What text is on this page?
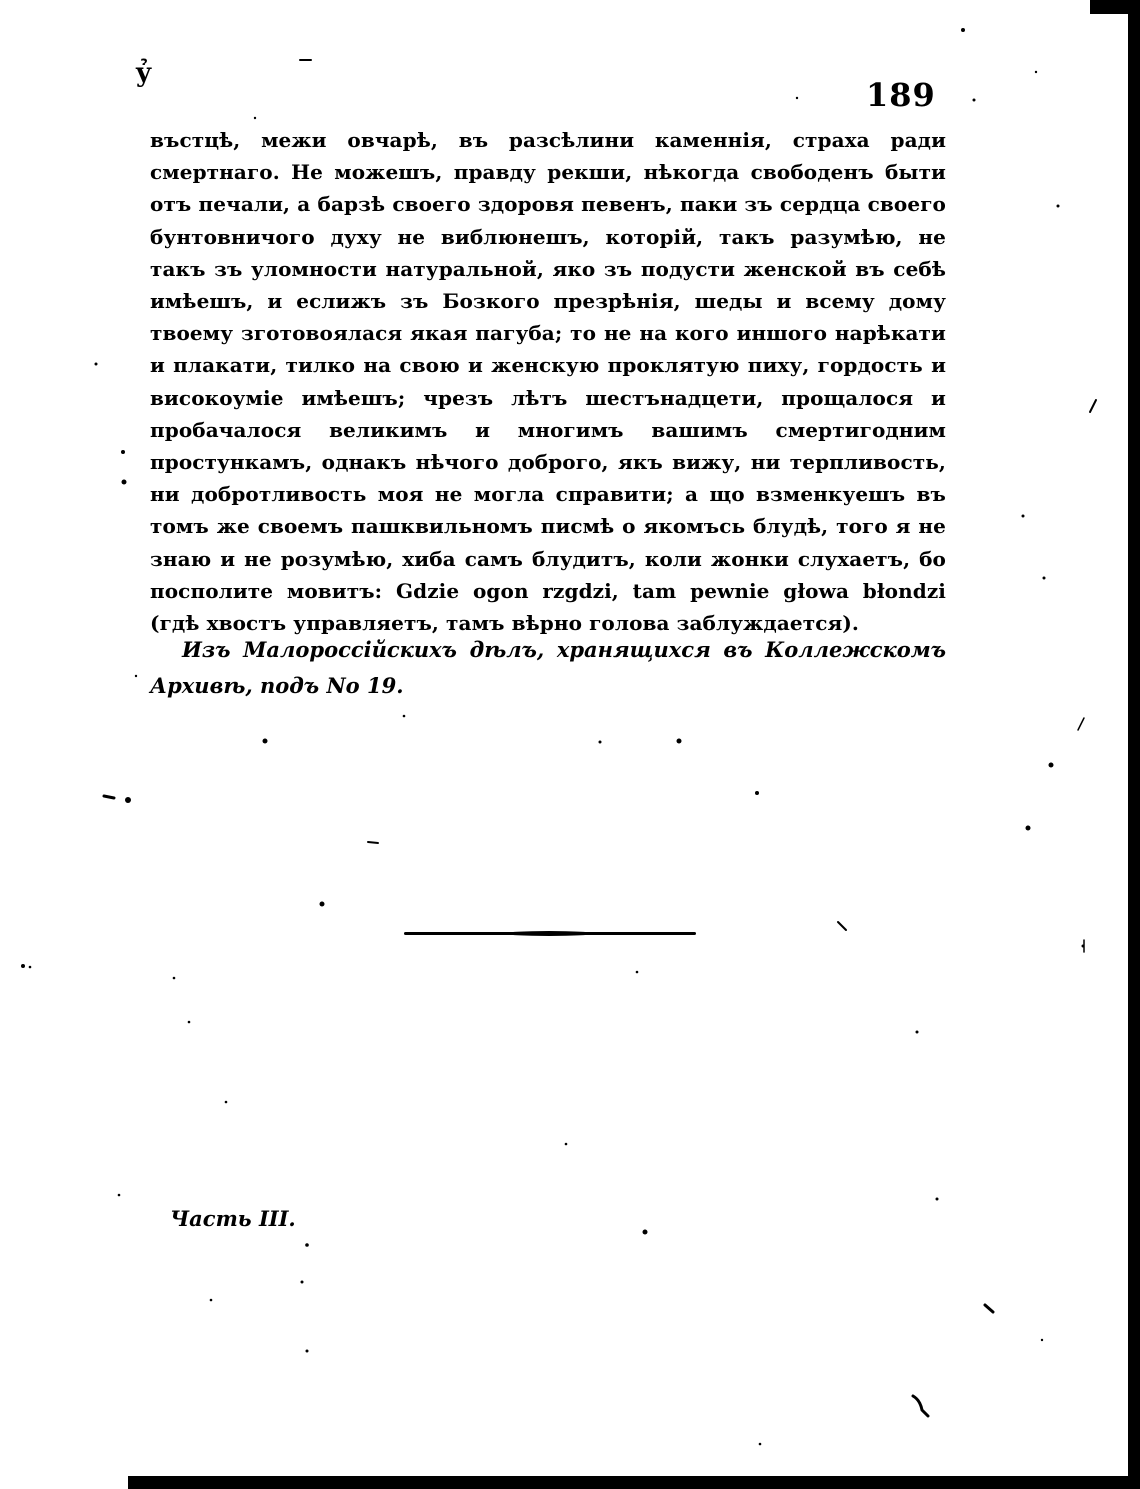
ỷ
189

въстцѣ, межи овчарѣ, въ разсѣлини каменнія, страха ради смертнаго. Не можешъ, правду рекши, нѣкогда свободенъ быти отъ печали, а барзѣ своего здоровя певенъ, паки зъ сердца своего бунтовничого духу не виблюнешъ, которій, такъ разумѣю, не такъ зъ уломности натуральной, яко зъ подусти женской въ себѣ имѣешъ, и еслижъ зъ Бозкого презрѣнія, шеды и всему дому твоему зготовоялася якая пагуба; то не на кого иншого нарѣкати и плакати, тилко на свою и женскую проклятую пиху, гордость и високоуміе имѣешъ; чрезъ лѣтъ шестънадцети, прощалося и пробачалося великимъ и многимъ вашимъ смертигодним простункамъ, однакъ нѣчого доброго, якъ вижу, ни терпливость, ни добротливость моя не могла справити; а що взменкуешъ въ томъ же своемъ пашквильномъ писмѣ о якомъсь блудѣ, того я не знаю и не розумѣю, хиба самъ блудитъ, коли жонки слухаетъ, бо посполите мовитъ: Gdzie ogon rzgdzi, tam pewnie głowa błondzi (гдѣ хвостъ управляетъ, тамъ вѣрно голова заблуждается).

Изъ Малороссійскихъ дѣлъ, хранящихся въ Коллежскомъ Архивѣ, подъ No 19.

Часть III.
